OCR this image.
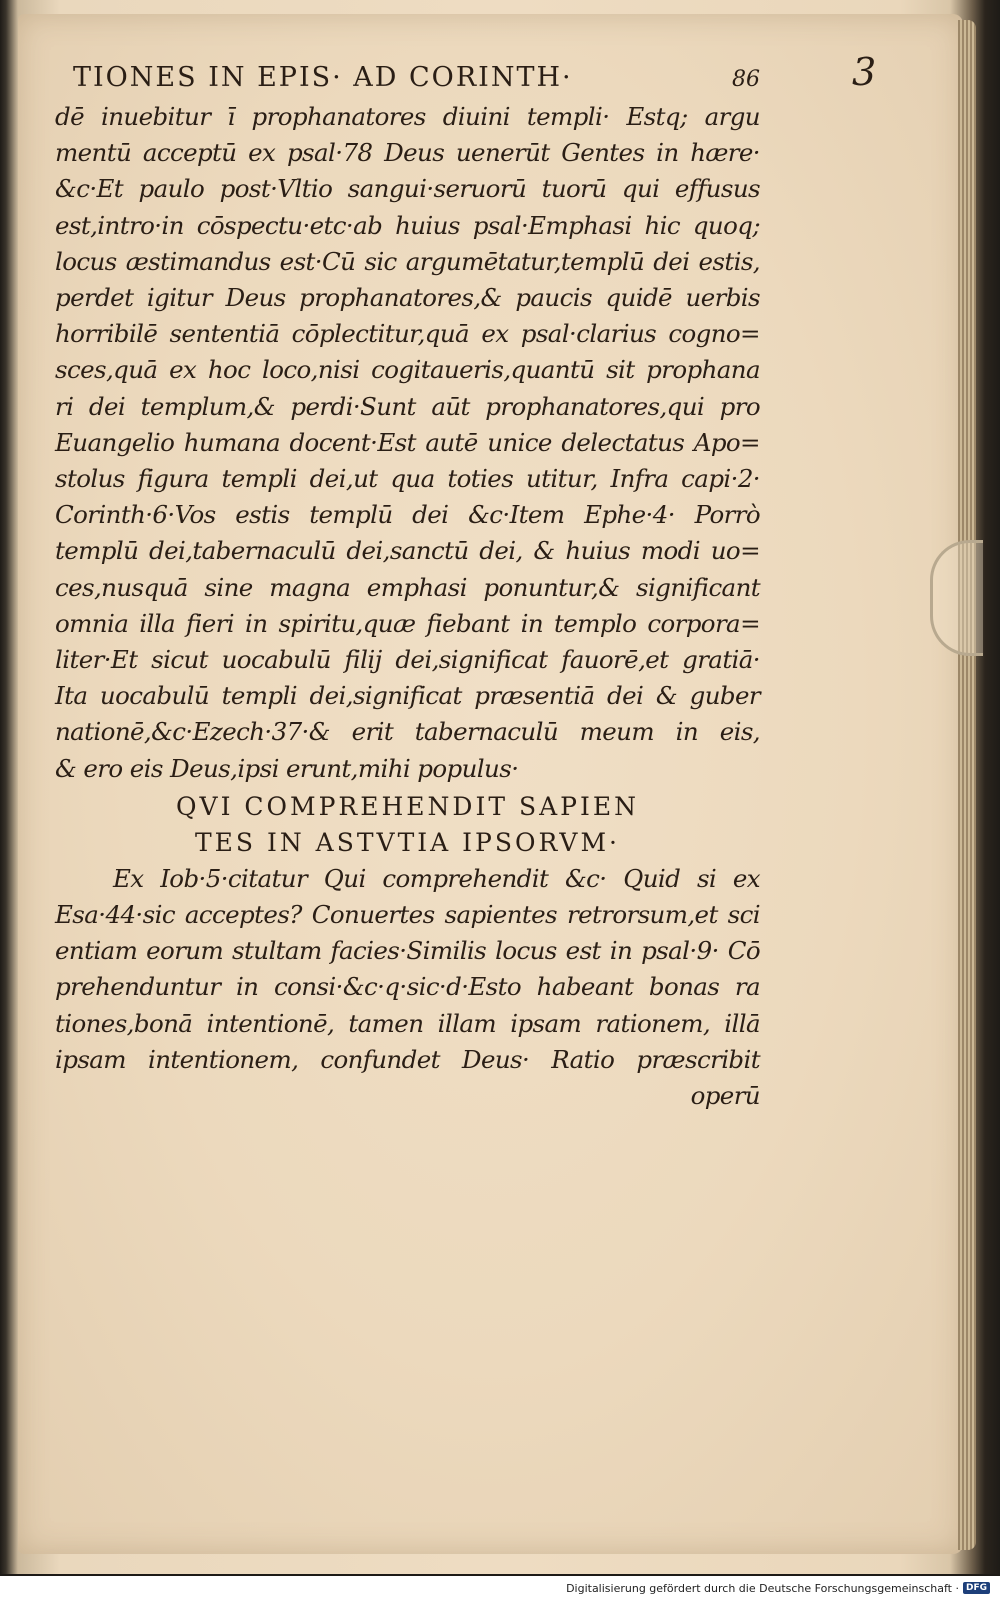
3
TIONES IN EPIS· AD CORINTH·	86
dē inuebitur ī prophanatores diuini templi· Estq; argu
mentū acceptū ex psal·78 Deus uenerūt Gentes in hære·
&c·Et paulo post·Vltio sangui·seruorū tuorū qui effusus
est,intro·in cōspectu·etc·ab huius psal·Emphasi hic quoq;
locus æstimandus est·Cū sic argumētatur,templū dei estis,
perdet igitur Deus prophanatores,& paucis quidē uerbis
horribilē sententiā cōplectitur,quā ex psal·clarius cogno=
sces,quā ex hoc loco,nisi cogitaueris,quantū sit prophana
ri dei templum,& perdi·Sunt aūt prophanatores,qui pro
Euangelio humana docent·Est autē unice delectatus Apo=
stolus figura templi dei,ut qua toties utitur, Infra capi·2·
Corinth·6·Vos estis templū dei &c·Item Ephe·4· Porrò
templū dei,tabernaculū dei,sanctū dei, & huius modi uo=
ces,nusquā sine magna emphasi ponuntur,& significant
omnia illa fieri in spiritu,quæ fiebant in templo corpora=
liter·Et sicut uocabulū filij dei,significat fauorē,et gratiā·
Ita uocabulū templi dei,significat præsentiā dei & guber
nationē,&c·Ezech·37·& erit tabernaculū meum in eis,
& ero eis Deus,ipsi erunt,mihi populus·
QVI COMPREHENDIT SAPIEN
TES IN ASTVTIA IPSORVM·
Ex Iob·5·citatur Qui comprehendit &c· Quid si ex
Esa·44·sic acceptes? Conuertes sapientes retrorsum,et sci
entiam eorum stultam facies·Similis locus est in psal·9· Cō
prehenduntur in consi·&c·q·sic·d·Esto habeant bonas ra
tiones,bonā intentionē, tamen illam ipsam rationem, illā
ipsam intentionem, confundet Deus· Ratio præscribit
operū
Digitalisierung gefördert durch die Deutsche Forschungsgemeinschaft · DFG
